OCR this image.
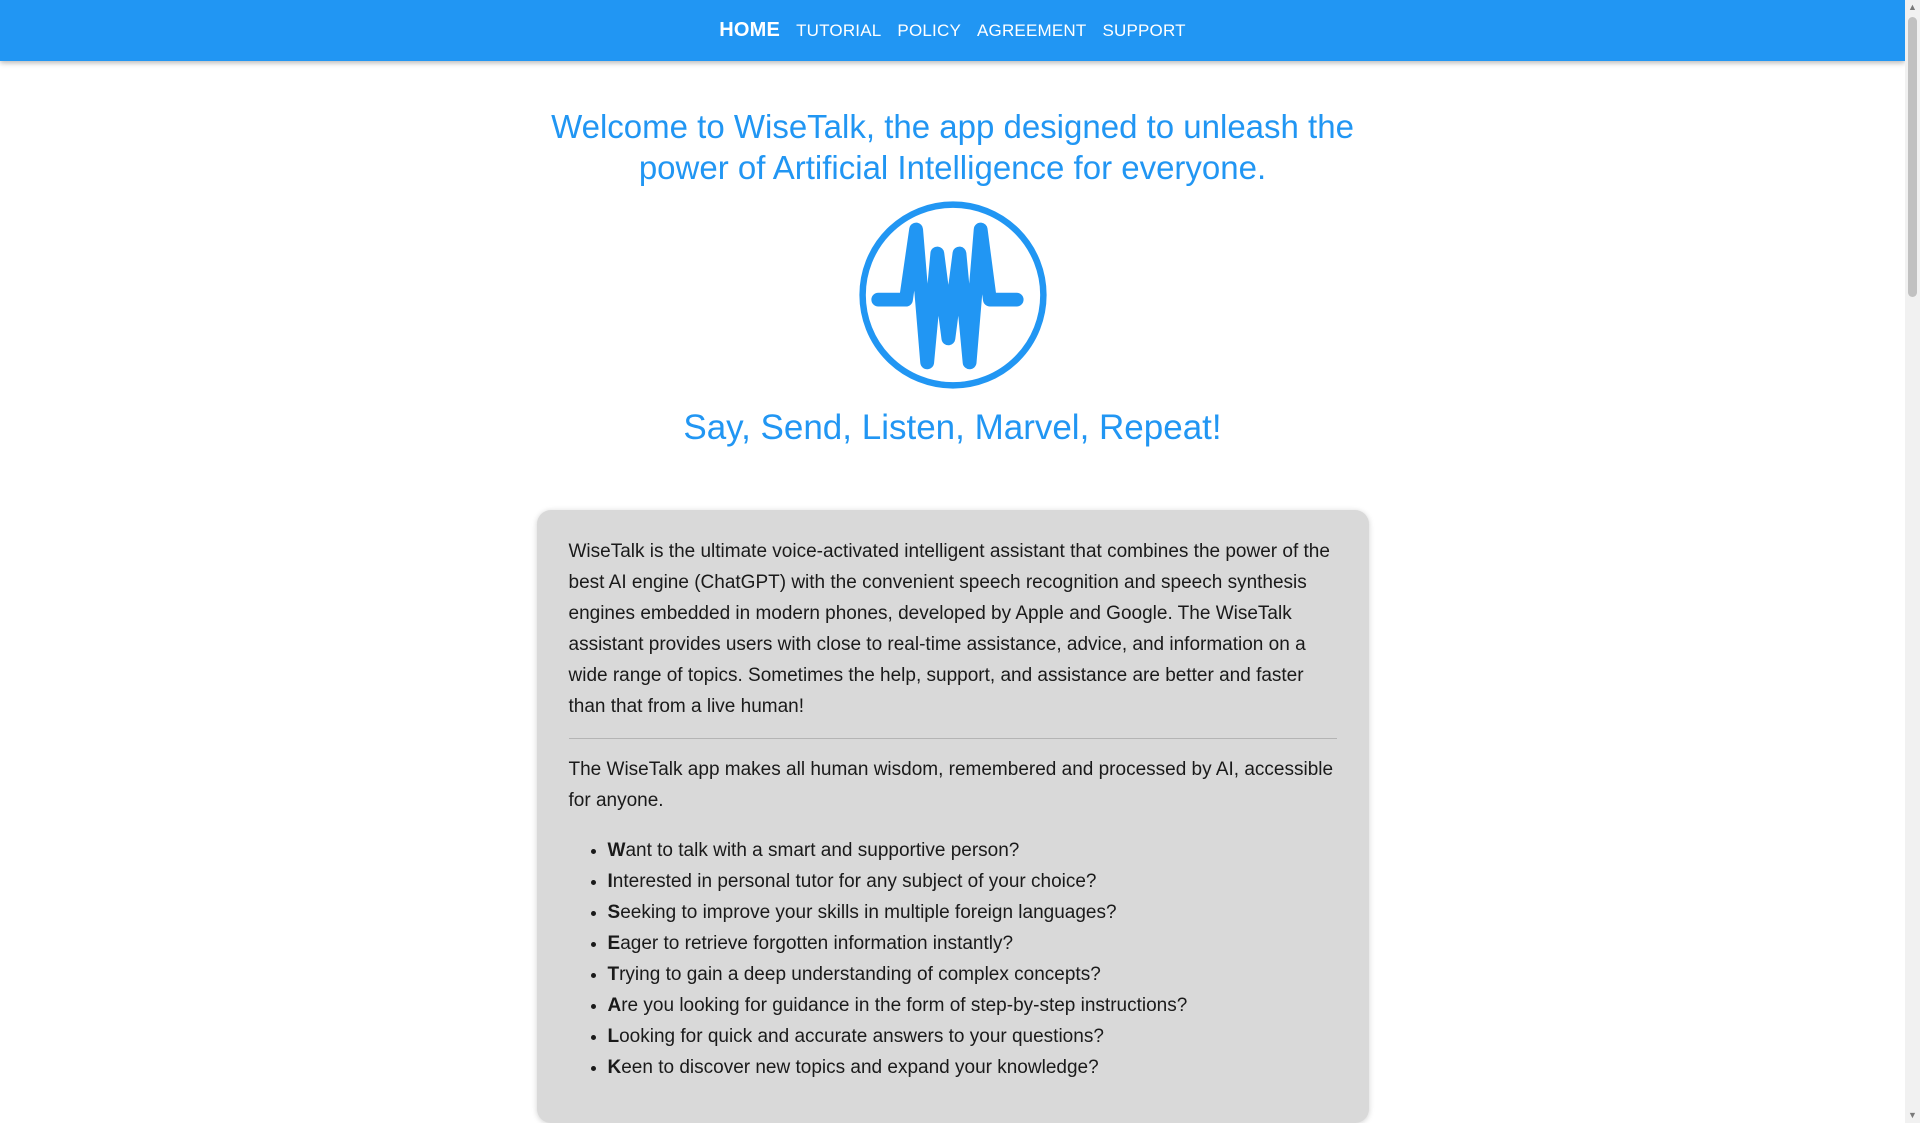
HOME TUTORIAL POLICY AGREEMENT SUPPORT
Welcome to WiseTalk, the app designed to unleash the power of Artificial Intelligence for everyone.
Say, Send, Listen, Marvel, Repeat!

WiseTalk is the ultimate voice-activated intelligent assistant that combines the power of the best AI engine (ChatGPT) with the convenient speech recognition and speech synthesis engines embedded in modern phones, developed by Apple and Google. The WiseTalk assistant provides users with close to real-time assistance, advice, and information on a wide range of topics. Sometimes the help, support, and assistance are better and faster than that from a live human!

The WiseTalk app makes all human wisdom, remembered and processed by AI, accessible for anyone.

• Want to talk with a smart and supportive person?
• Interested in personal tutor for any subject of your choice?
• Seeking to improve your skills in multiple foreign languages?
• Eager to retrieve forgotten information instantly?
• Trying to gain a deep understanding of complex concepts?
• Are you looking for guidance in the form of step-by-step instructions?
• Looking for quick and accurate answers to your questions?
• Keen to discover new topics and expand your knowledge?
▲
▼
